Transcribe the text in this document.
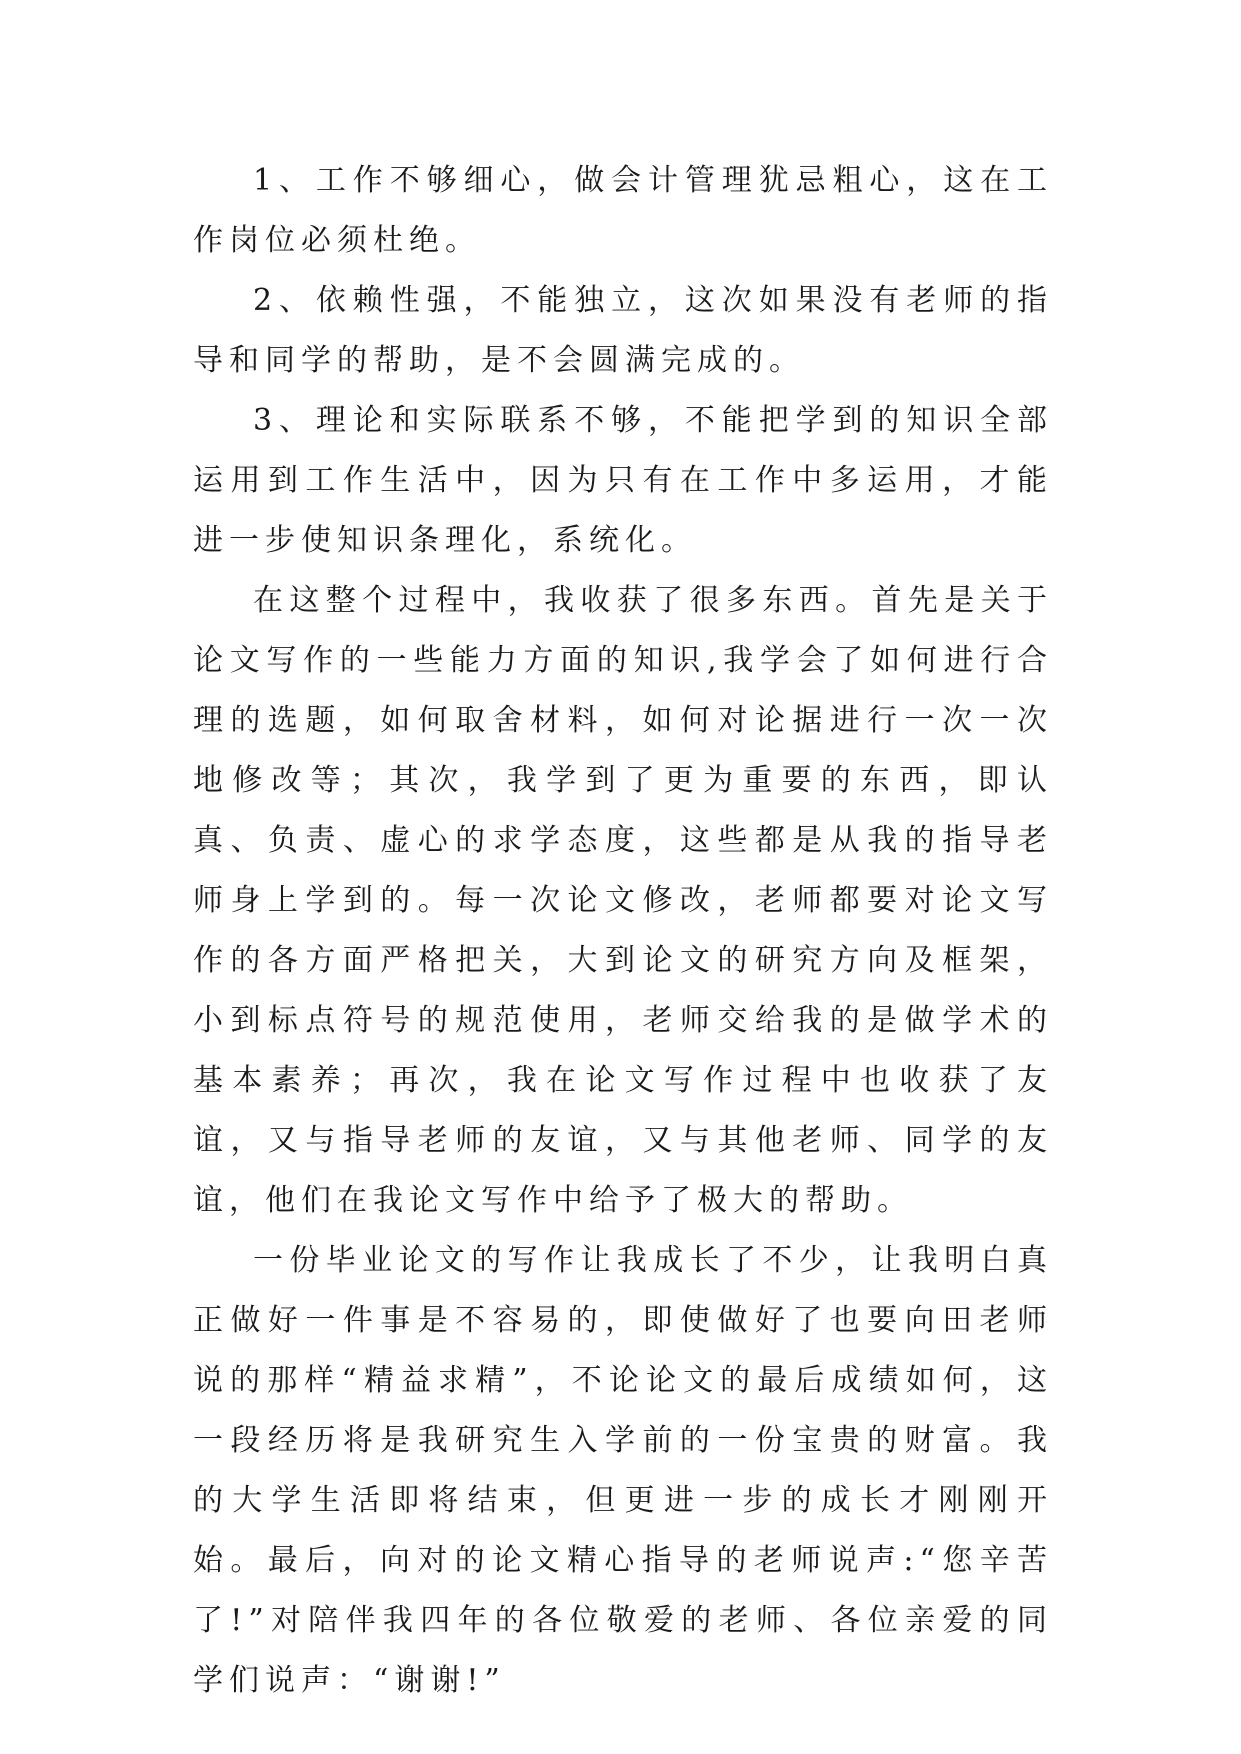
1、工作不够细心，做会计管理犹忌粗心，这在工作岗位必须杜绝。

2、依赖性强，不能独立，这次如果没有老师的指导和同学的帮助，是不会圆满完成的。

3、理论和实际联系不够，不能把学到的知识全部运用到工作生活中，因为只有在工作中多运用，才能进一步使知识条理化，系统化。

在这整个过程中，我收获了很多东西。首先是关于论文写作的一些能力方面的知识,我学会了如何进行合理的选题，如何取舍材料，如何对论据进行一次一次地修改等；其次，我学到了更为重要的东西，即认真、负责、虚心的求学态度，这些都是从我的指导老师身上学到的。每一次论文修改，老师都要对论文写作的各方面严格把关，大到论文的研究方向及框架，小到标点符号的规范使用，老师交给我的是做学术的基本素养；再次，我在论文写作过程中也收获了友谊，又与指导老师的友谊，又与其他老师、同学的友谊，他们在我论文写作中给予了极大的帮助。

一份毕业论文的写作让我成长了不少，让我明白真正做好一件事是不容易的，即使做好了也要向田老师说的那样“精益求精”，不论论文的最后成绩如何，这一段经历将是我研究生入学前的一份宝贵的财富。我的大学生活即将结束，但更进一步的成长才刚刚开始。最后，向对的论文精心指导的老师说声:“您辛苦了!”对陪伴我四年的各位敬爱的老师、各位亲爱的同学们说声：“谢谢!”
